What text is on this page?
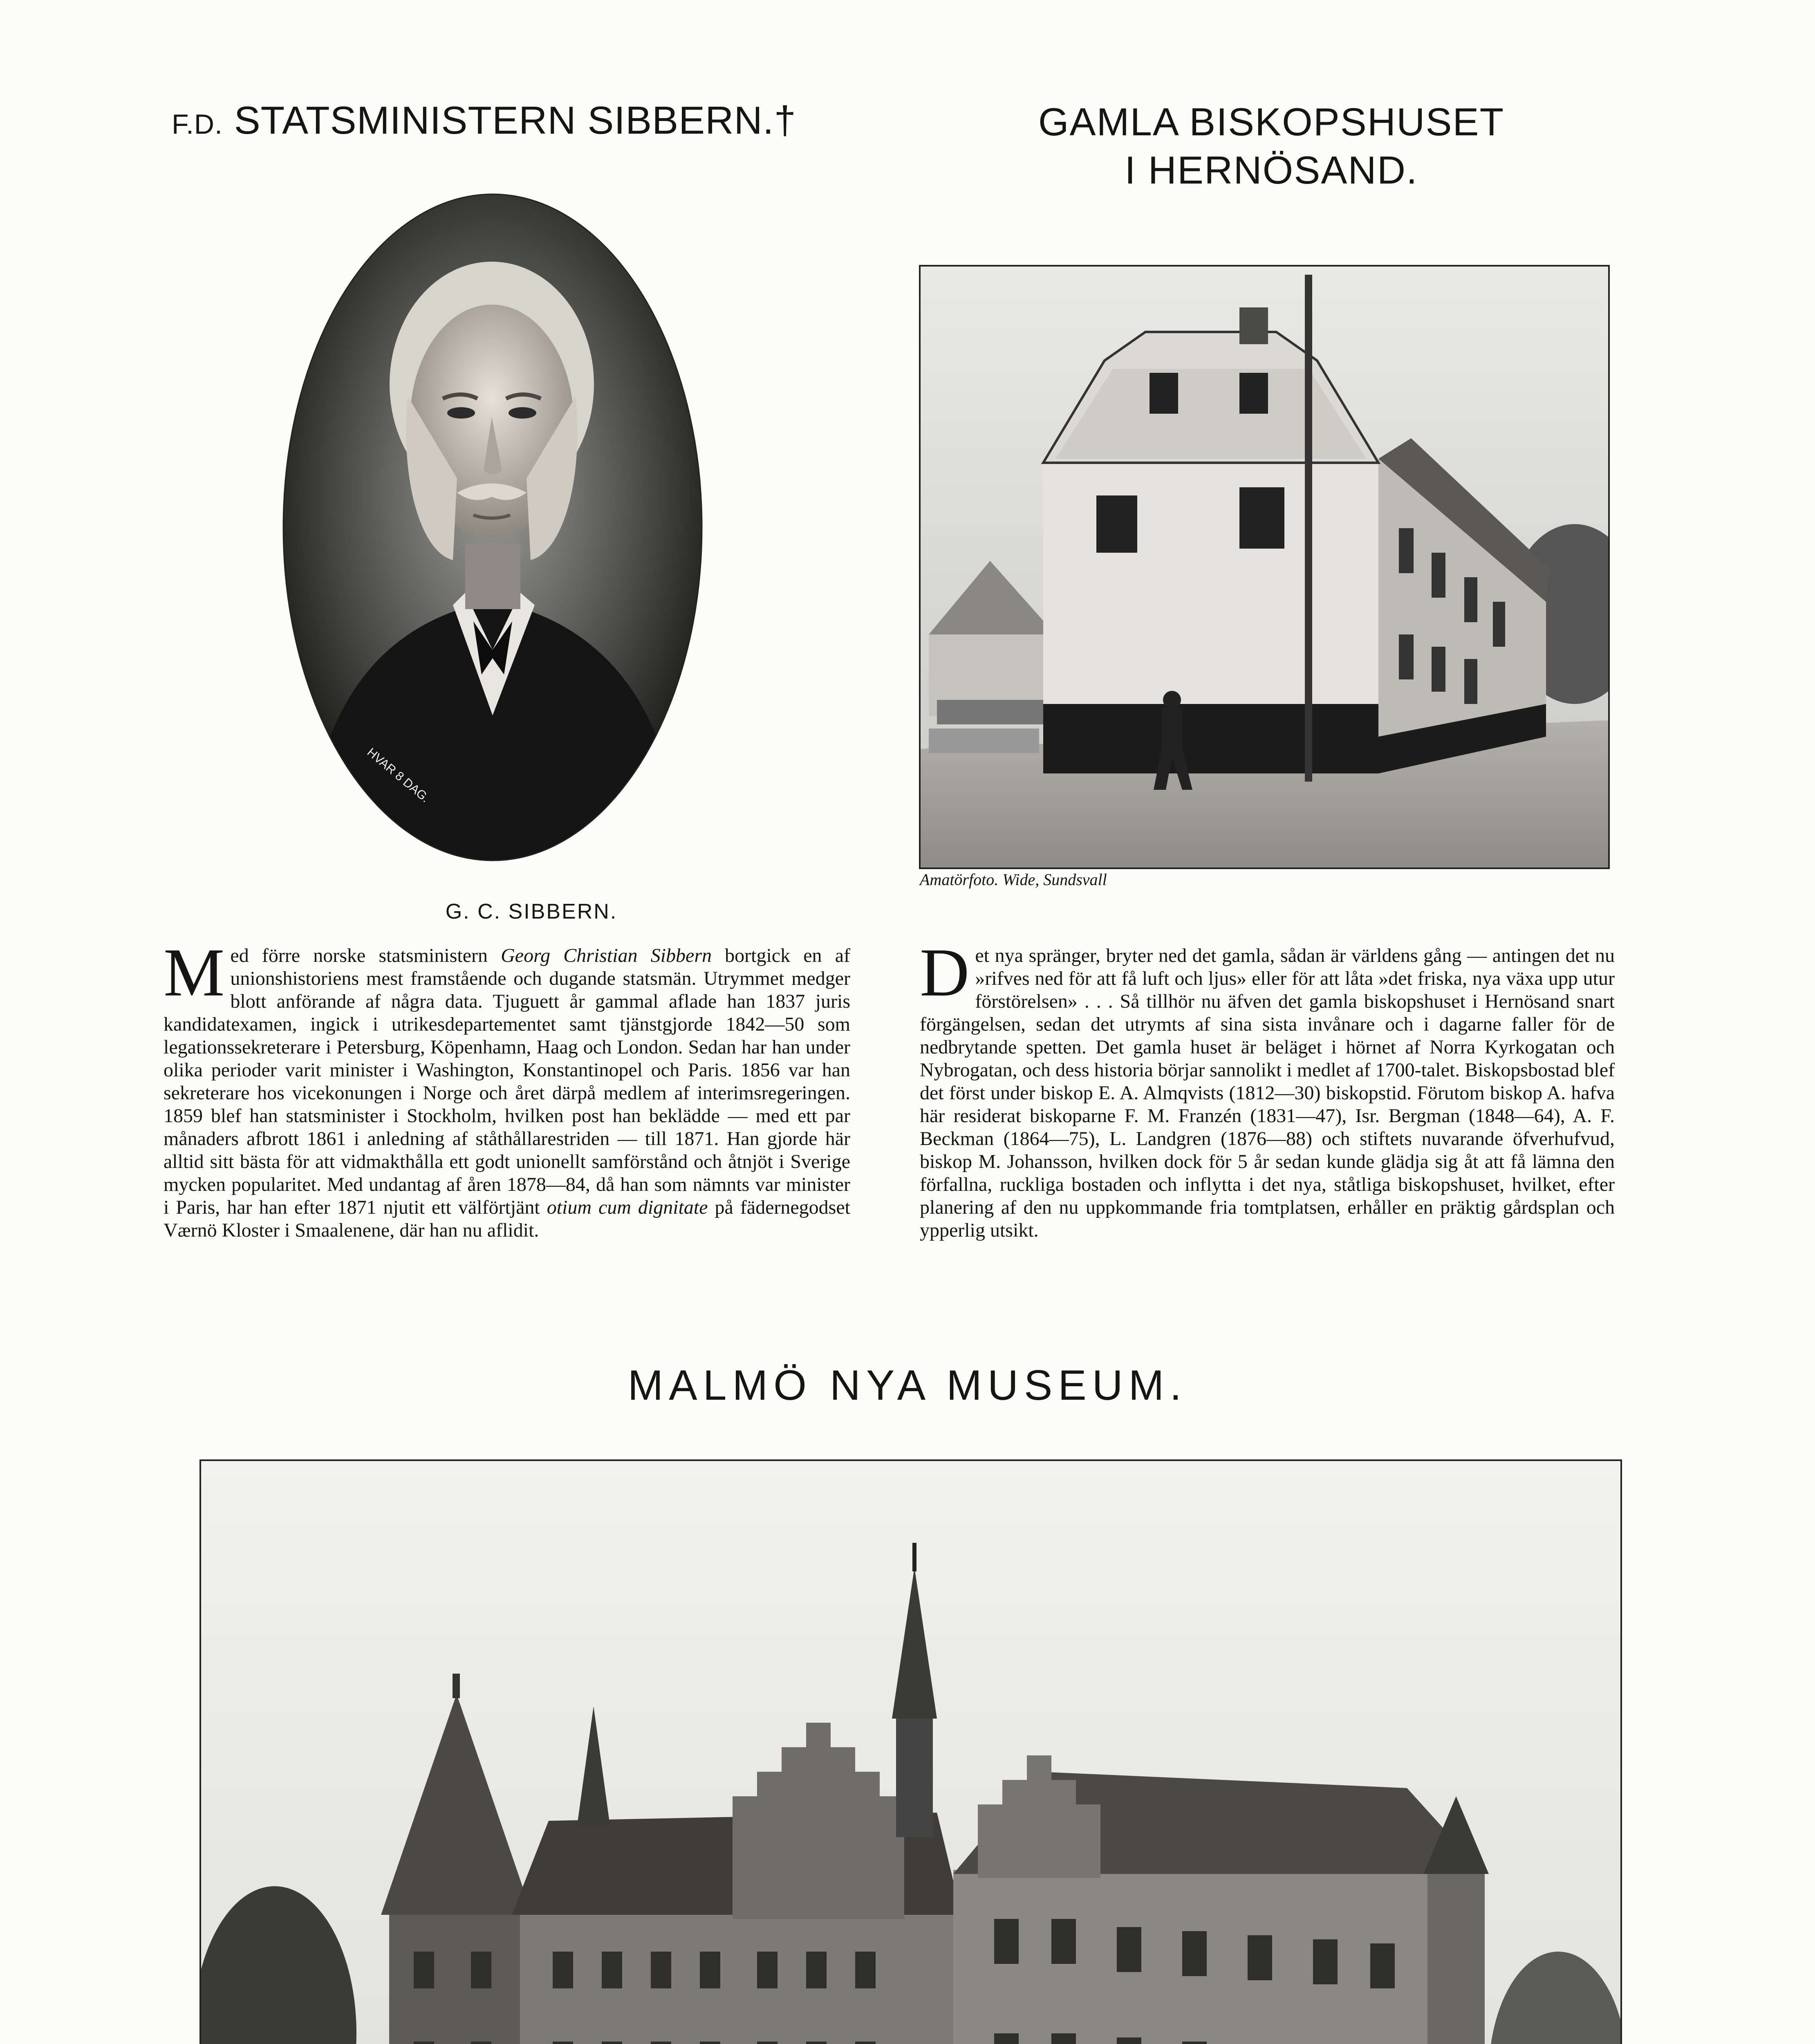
F.D. STATSMINISTERN SIBBERN.†
HVAR 8 DAG.
G. C. SIBBERN.
Med förre norske statsministern Georg Christian Sibbern bortgick en af unionshistoriens mest framstående och dugande statsmän. Utrymmet medger blott anförande af några data. Tjuguett år gammal aflade han 1837 juris kandidatexamen, ingick i utrikesdepartementet samt tjänstgjorde 1842—50 som legationssekreterare i Petersburg, Köpenhamn, Haag och London. Sedan har han under olika perioder varit minister i Washington, Konstantinopel och Paris. 1856 var han sekreterare hos vicekonungen i Norge och året därpå medlem af interimsregeringen. 1859 blef han statsminister i Stockholm, hvilken post han beklädde — med ett par månaders afbrott 1861 i anledning af ståthållarestriden — till 1871. Han gjorde här alltid sitt bästa för att vidmakthålla ett godt unionellt samförstånd och åtnjöt i Sverige mycken popularitet. Med undantag af åren 1878—84, då han som nämnts var minister i Paris, har han efter 1871 njutit ett välförtjänt otium cum dignitate på fädernegodset Værnö Kloster i Smaalenene, där han nu aflidit.
GAMLA BISKOPSHUSET
I HERNÖSAND.
Amatörfoto. Wide, Sundsvall
Det nya spränger, bryter ned det gamla, sådan är världens gång — antingen det nu »rifves ned för att få luft och ljus» eller för att låta »det friska, nya växa upp utur förstörelsen» . . . Så tillhör nu äfven det gamla biskopshuset i Hernösand snart förgängelsen, sedan det utrymts af sina sista invånare och i dagarne faller för de nedbrytande spetten. Det gamla huset är beläget i hörnet af Norra Kyrkogatan och Nybrogatan, och dess historia börjar sannolikt i medlet af 1700-talet. Biskopsbostad blef det först under biskop E. A. Almqvists (1812—30) biskopstid. Förutom biskop A. hafva här residerat biskoparne F. M. Franzén (1831—47), Isr. Bergman (1848—64), A. F. Beckman (1864—75), L. Landgren (1876—88) och stiftets nuvarande öfverhufvud, biskop M. Johansson, hvilken dock för 5 år sedan kunde glädja sig åt att få lämna den förfallna, ruckliga bostaden och inflytta i det nya, ståtliga biskopshuset, hvilket, efter planering af den nu uppkommande fria tomtplatsen, erhåller en präktig gårdsplan och ypperlig utsikt.
MALMÖ NYA MUSEUM.
